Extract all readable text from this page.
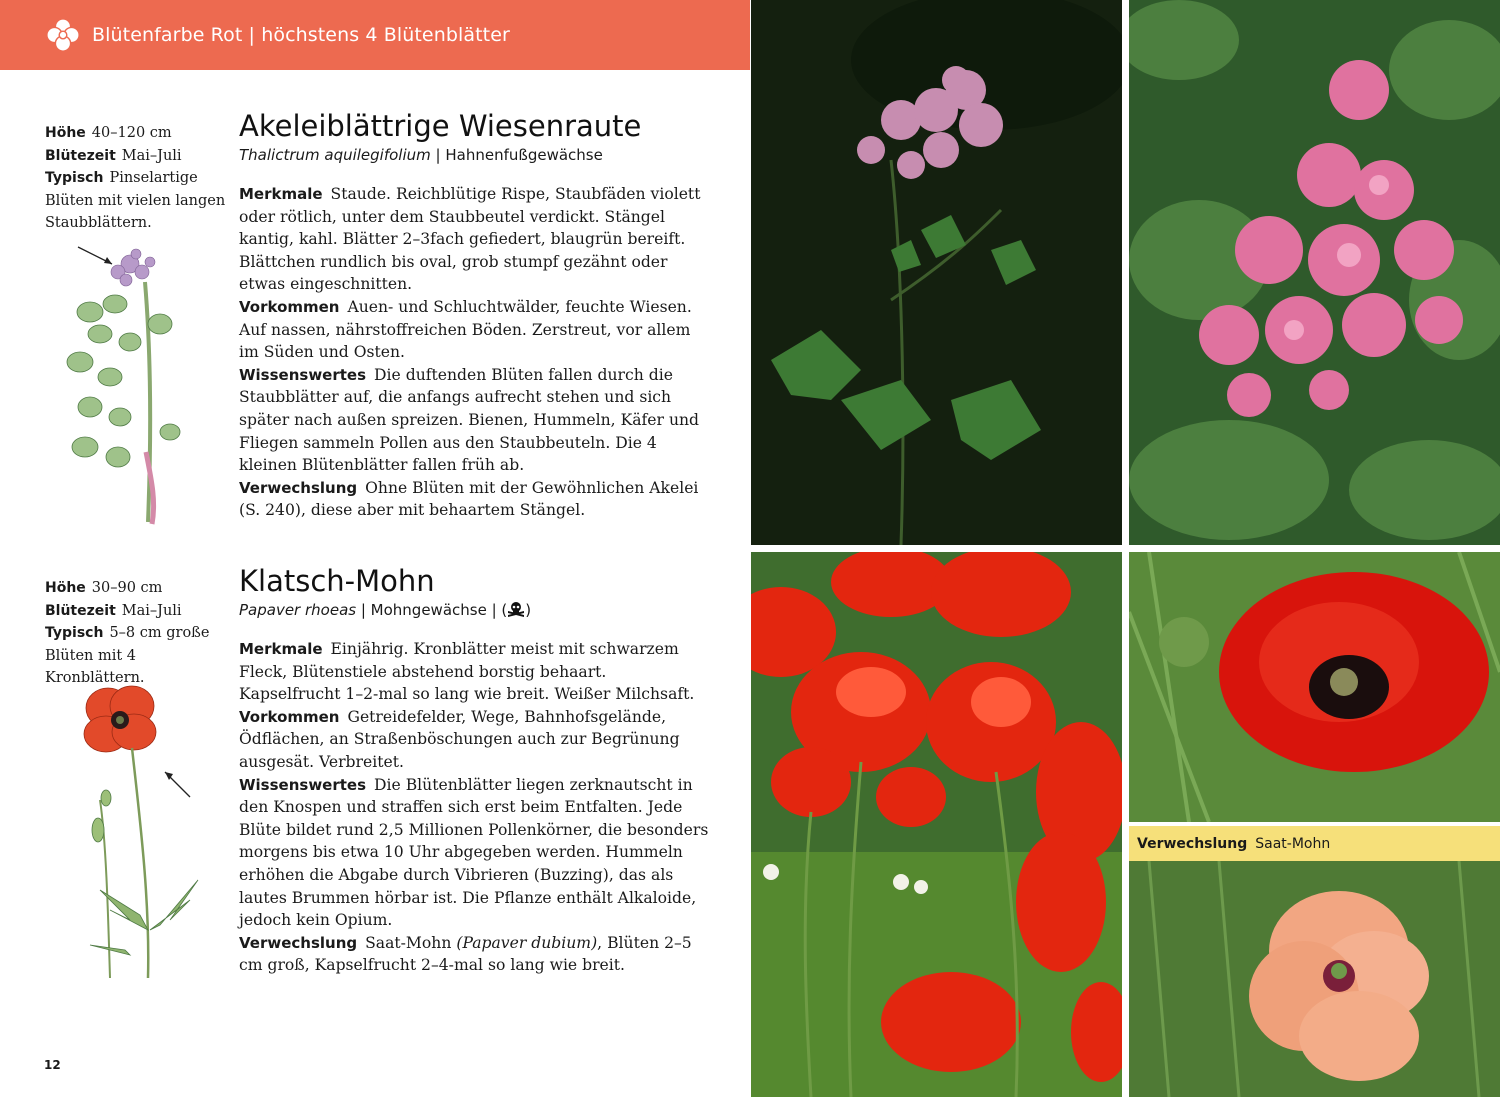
Blütenfarbe Rot | höchstens 4 Blütenblätter
Höhe 40–120 cm
Blütezeit Mai–Juli
Typisch Pinselartige Blüten mit vielen langen Staubblättern.
Akeleiblättrige Wiesenraute
Thalictrum aquilegifolium | Hahnenfußgewächse

Merkmale Staude. Reichblütige Rispe, Staubfäden violett oder rötlich, unter dem Staubbeutel verdickt. Stängel kantig, kahl. Blätter 2–3fach gefiedert, blaugrün bereift. Blättchen rundlich bis oval, grob stumpf gezähnt oder etwas eingeschnitten.

Vorkommen Auen- und Schluchtwälder, feuchte Wiesen. Auf nassen, nährstoffreichen Böden. Zerstreut, vor allem im Süden und Osten.

Wissenswertes Die duftenden Blüten fallen durch die Staubblätter auf, die anfangs aufrecht stehen und sich später nach außen spreizen. Bienen, Hummeln, Käfer und Fliegen sammeln Pollen aus den Staubbeuteln. Die 4 kleinen Blütenblätter fallen früh ab.

Verwechslung Ohne Blüten mit der Gewöhnlichen Akelei (S. 240), diese aber mit behaartem Stängel.

Höhe 30–90 cm
Blütezeit Mai–Juli
Typisch 5–8 cm große Blüten mit 4 Kronblättern.
Klatsch-Mohn
Papaver rhoeas | Mohngewächse | ( )

Merkmale Einjährig. Kronblätter meist mit schwarzem Fleck, Blütenstiele abstehend borstig behaart. Kapselfrucht 1–2-mal so lang wie breit. Weißer Milchsaft.

Vorkommen Getreidefelder, Wege, Bahnhofsgelände, Ödflächen, an Straßenböschungen auch zur Begrünung ausgesät. Verbreitet.

Wissenswertes Die Blütenblätter liegen zerknautscht in den Knospen und straffen sich erst beim Entfalten. Jede Blüte bildet rund 2,5 Millionen Pollenkörner, die besonders morgens bis etwa 10 Uhr abgegeben werden. Hummeln erhöhen die Abgabe durch Vibrieren (Buzzing), das als lautes Brummen hörbar ist. Die Pflanze enthält Alkaloide, jedoch kein Opium.

Verwechslung Saat-Mohn (Papaver dubium), Blüten 2–5 cm groß, Kapselfrucht 2–4-mal so lang wie breit.

12
Verwechslung Saat-Mohn
